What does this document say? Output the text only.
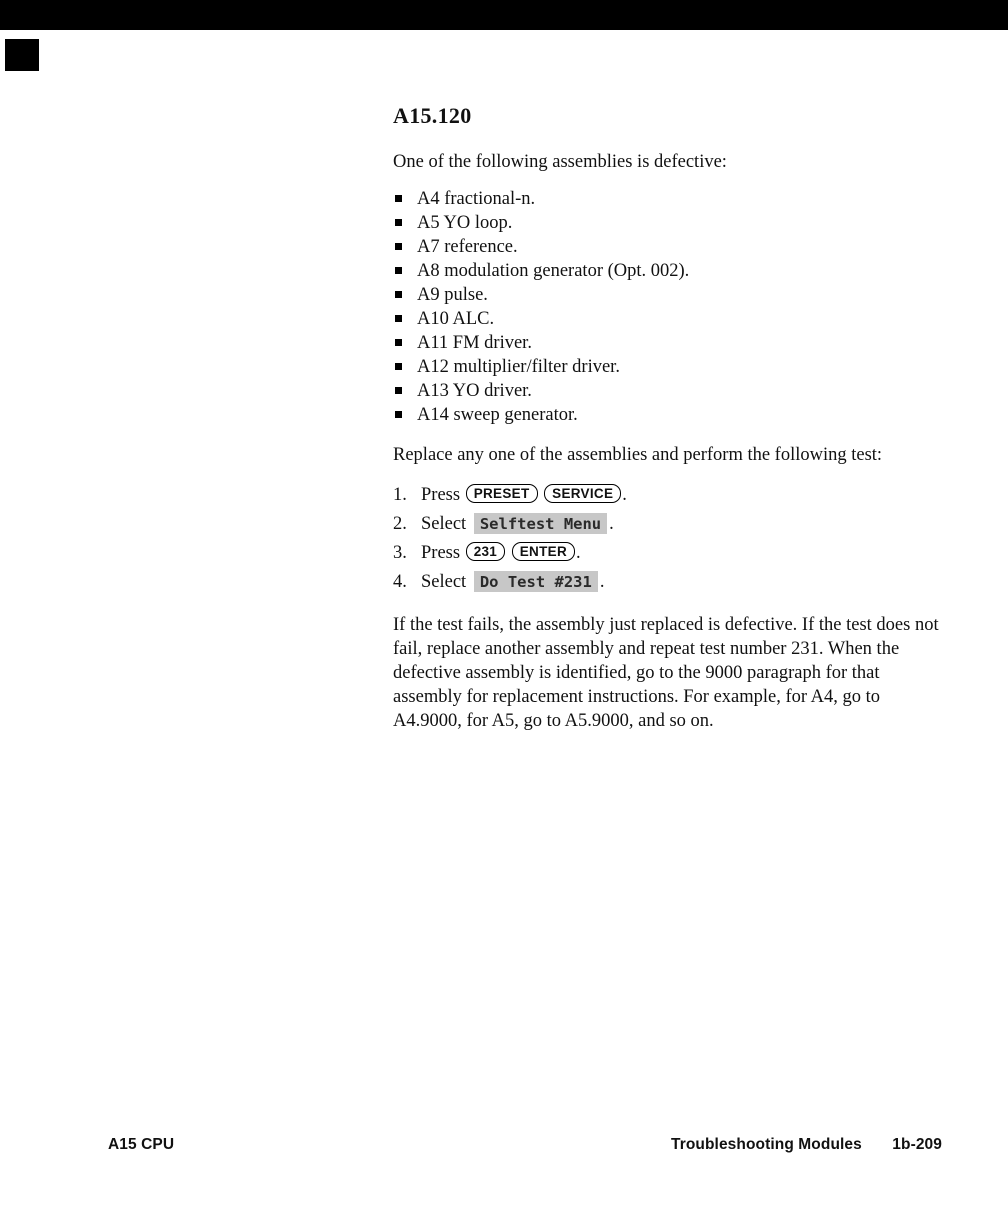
A15.120

One of the following assemblies is defective:

A4 fractional-n.
A5 YO loop.
A7 reference.
A8 modulation generator (Opt. 002).
A9 pulse.
A10 ALC.
A11 FM driver.
A12 multiplier/filter driver.
A13 YO driver.
A14 sweep generator.

Replace any one of the assemblies and perform the following test:

1. Press PRESET SERVICE .
2. Select Selftest Menu .
3. Press 231 ENTER .
4. Select Do Test #231 .

If the test fails, the assembly just replaced is defective. If the test does not fail, replace another assembly and repeat test number 231. When the defective assembly is identified, go to the 9000 paragraph for that assembly for replacement instructions. For example, for A4, go to A4.9000, for A5, go to A5.9000, and so on.

A15 CPU	Troubleshooting Modules 1b-209
